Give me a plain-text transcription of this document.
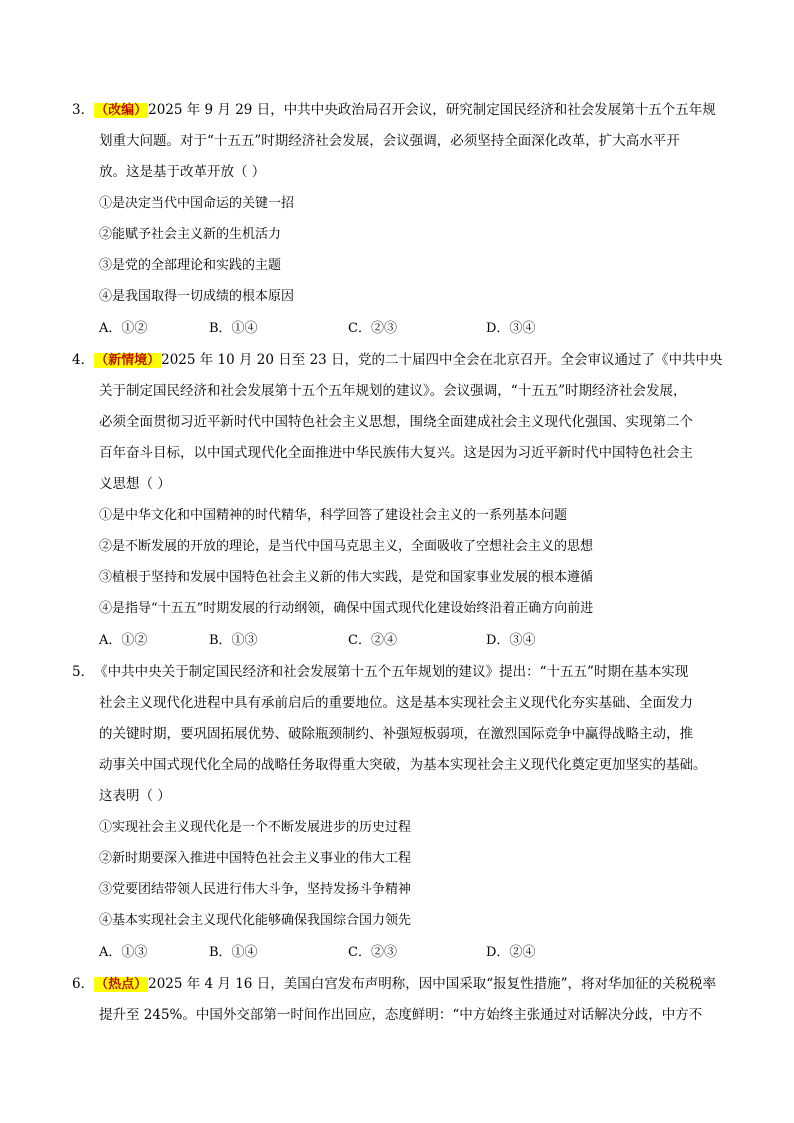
3．（改编）2025 年 9 月 29 日，中共中央政治局召开会议，研究制定国民经济和社会发展第十五个五年规
划重大问题。对于“十五五”时期经济社会发展，会议强调，必须坚持全面深化改革，扩大高水平开
放。这是基于改革开放（ ）
①是决定当代中国命运的关键一招
②能赋予社会主义新的生机活力
③是党的全部理论和实践的主题
④是我国取得一切成绩的根本原因
A．①②	B．①④	C．②③	D．③④
4．（新情境）2025 年 10 月 20 日至 23 日，党的二十届四中全会在北京召开。全会审议通过了《中共中央
关于制定国民经济和社会发展第十五个五年规划的建议》。会议强调，“十五五”时期经济社会发展，
必须全面贯彻习近平新时代中国特色社会主义思想，围绕全面建成社会主义现代化强国、实现第二个
百年奋斗目标，以中国式现代化全面推进中华民族伟大复兴。这是因为习近平新时代中国特色社会主
义思想（ ）
①是中华文化和中国精神的时代精华，科学回答了建设社会主义的一系列基本问题
②是不断发展的开放的理论，是当代中国马克思主义，全面吸收了空想社会主义的思想
③植根于坚持和发展中国特色社会主义新的伟大实践，是党和国家事业发展的根本遵循
④是指导“十五五”时期发展的行动纲领，确保中国式现代化建设始终沿着正确方向前进
A．①②	B．①③	C．②④	D．③④
5．《中共中央关于制定国民经济和社会发展第十五个五年规划的建议》提出：“十五五”时期在基本实现
社会主义现代化进程中具有承前启后的重要地位。这是基本实现社会主义现代化夯实基础、全面发力
的关键时期，要巩固拓展优势、破除瓶颈制约、补强短板弱项，在激烈国际竞争中赢得战略主动，推
动事关中国式现代化全局的战略任务取得重大突破，为基本实现社会主义现代化奠定更加坚实的基础。
这表明（ ）
①实现社会主义现代化是一个不断发展进步的历史过程
②新时期要深入推进中国特色社会主义事业的伟大工程
③党要团结带领人民进行伟大斗争，坚持发扬斗争精神
④基本实现社会主义现代化能够确保我国综合国力领先
A．①③	B．①④	C．②③	D．②④
6．（热点）2025 年 4 月 16 日，美国白宫发布声明称，因中国采取“报复性措施”，将对华加征的关税税率
提升至 245%。中国外交部第一时间作出回应，态度鲜明：“中方始终主张通过对话解决分歧，中方不
